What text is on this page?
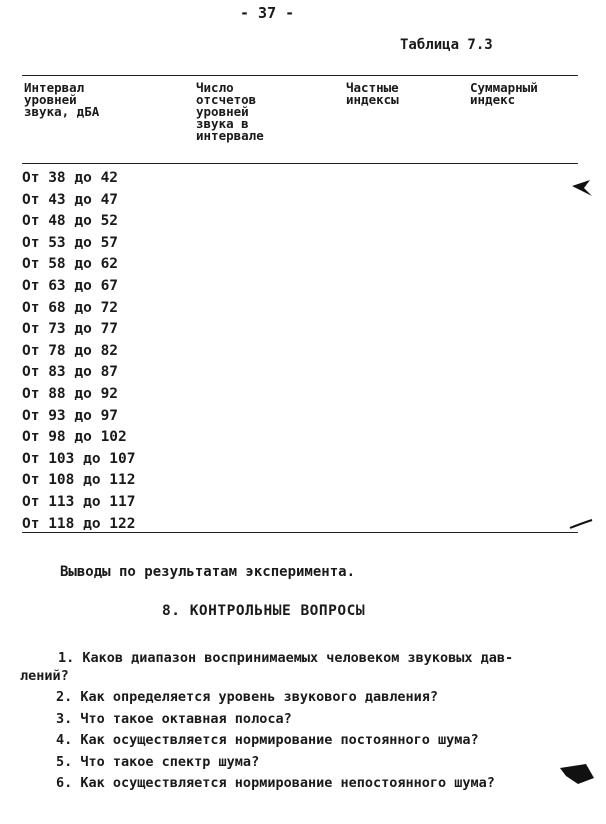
- 37 -
Таблица 7.3
Интервал
уровней
звука, дБА
Число
отсчетов
уровней
звука в
интервале
Частные
индексы
Суммарный
индекс
От 38 до 42
От 43 до 47
От 48 до 52
От 53 до 57
От 58 до 62
От 63 до 67
От 68 до 72
От 73 до 77
От 78 до 82
От 83 до 87
От 88 до 92
От 93 до 97
От 98 до 102
От 103 до 107
От 108 до 112
От 113 до 117
От 118 до 122
Выводы по результатам эксперимента.
8. КОНТРОЛЬНЫЕ ВОПРОСЫ
1. Каков диапазон воспринимаемых человеком звуковых дав-
лений?
2. Как определяется уровень звукового давления?
3. Что такое октавная полоса?
4. Как осуществляется нормирование постоянного шума?
5. Что такое спектр шума?
6. Как осуществляется нормирование непостоянного шума?
